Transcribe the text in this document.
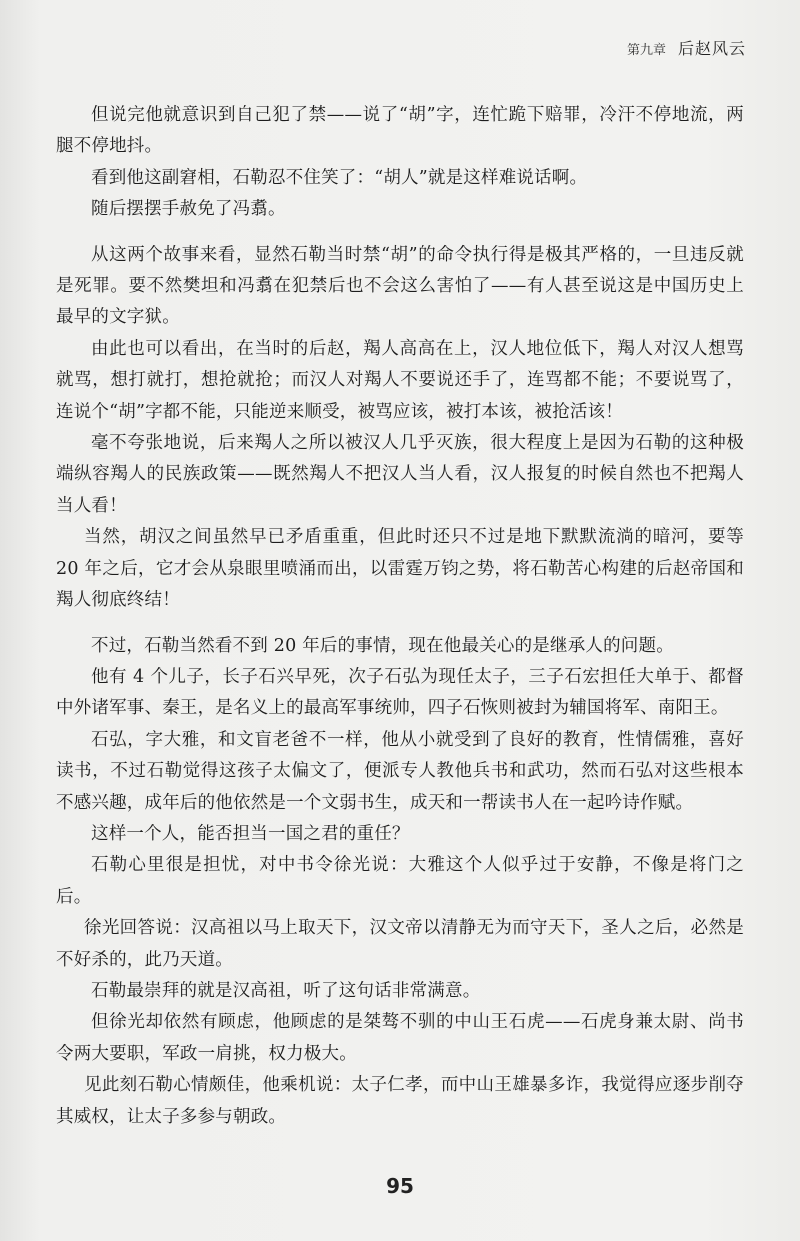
第九章 后赵风云

但说完他就意识到自己犯了禁——说了“胡”字，连忙跪下赔罪，冷汗不停地流，两腿不停地抖。

看到他这副窘相，石勒忍不住笑了：“胡人”就是这样难说话啊。

随后摆摆手赦免了冯翥。

从这两个故事来看，显然石勒当时禁“胡”的命令执行得是极其严格的，一旦违反就是死罪。要不然樊坦和冯翥在犯禁后也不会这么害怕了——有人甚至说这是中国历史上最早的文字狱。

由此也可以看出，在当时的后赵，羯人高高在上，汉人地位低下，羯人对汉人想骂就骂，想打就打，想抢就抢；而汉人对羯人不要说还手了，连骂都不能；不要说骂了，连说个“胡”字都不能，只能逆来顺受，被骂应该，被打本该，被抢活该！

毫不夸张地说，后来羯人之所以被汉人几乎灭族，很大程度上是因为石勒的这种极端纵容羯人的民族政策——既然羯人不把汉人当人看，汉人报复的时候自然也不把羯人当人看！

当然，胡汉之间虽然早已矛盾重重，但此时还只不过是地下默默流淌的暗河，要等 20 年之后，它才会从泉眼里喷涌而出，以雷霆万钧之势，将石勒苦心构建的后赵帝国和羯人彻底终结！

不过，石勒当然看不到 20 年后的事情，现在他最关心的是继承人的问题。

他有 4 个儿子，长子石兴早死，次子石弘为现任太子，三子石宏担任大单于、都督中外诸军事、秦王，是名义上的最高军事统帅，四子石恢则被封为辅国将军、南阳王。

石弘，字大雅，和文盲老爸不一样，他从小就受到了良好的教育，性情儒雅，喜好读书，不过石勒觉得这孩子太偏文了，便派专人教他兵书和武功，然而石弘对这些根本不感兴趣，成年后的他依然是一个文弱书生，成天和一帮读书人在一起吟诗作赋。

这样一个人，能否担当一国之君的重任？

石勒心里很是担忧，对中书令徐光说：大雅这个人似乎过于安静，不像是将门之后。

徐光回答说：汉高祖以马上取天下，汉文帝以清静无为而守天下，圣人之后，必然是不好杀的，此乃天道。

石勒最崇拜的就是汉高祖，听了这句话非常满意。

但徐光却依然有顾虑，他顾虑的是桀骜不驯的中山王石虎——石虎身兼太尉、尚书令两大要职，军政一肩挑，权力极大。

见此刻石勒心情颇佳，他乘机说：太子仁孝，而中山王雄暴多诈，我觉得应逐步削夺其威权，让太子多参与朝政。

95
